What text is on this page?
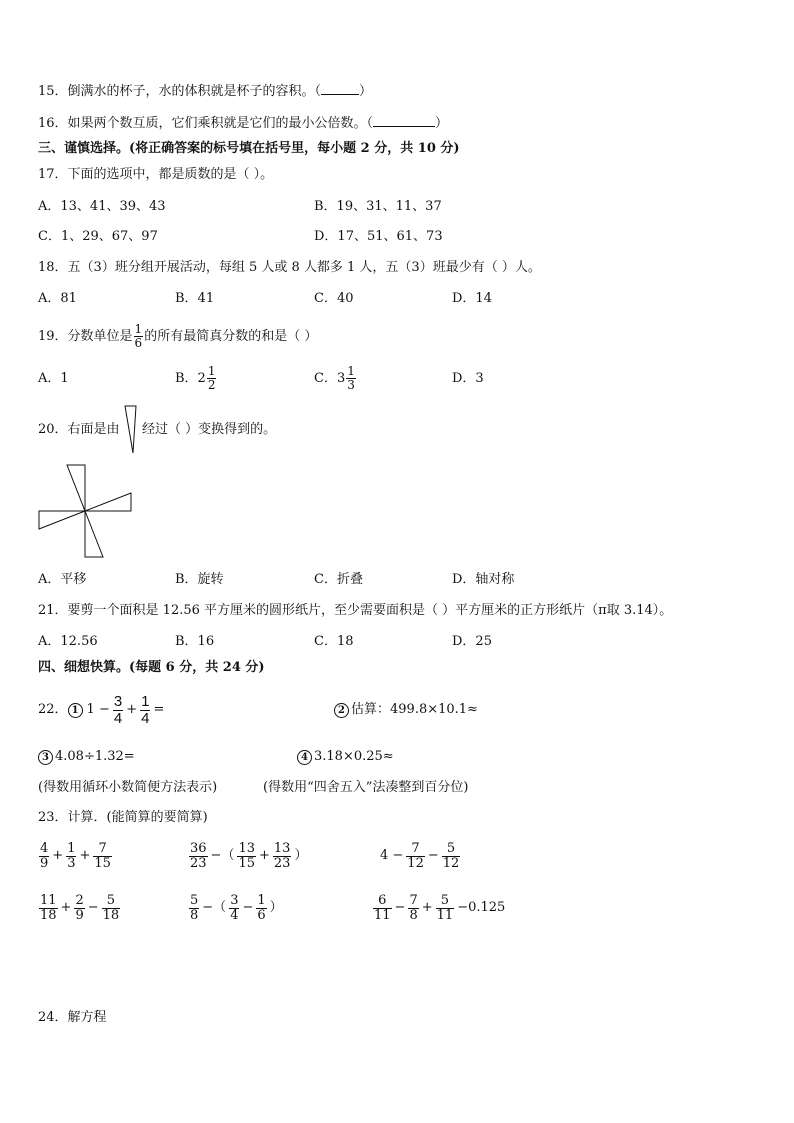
15．倒满水的杯子，水的体积就是杯子的容积。（	）
16．如果两个数互质，它们乘积就是它们的最小公倍数。（	）
三、谨慎选择。(将正确答案的标号填在括号里，每小题 2 分，共 10 分)
17．下面的选项中，都是质数的是（ ）。
A．13、41、39、43	B．19、31、11、37
C．1、29、67、97	D．17、51、61、73
18．五（3）班分组开展活动，每组 5 人或 8 人都多 1 人，五（3）班最少有（ ）人。
A．81	B．41	C．40	D．14
19．分数单位是 $\frac{1}{6}$ 的所有最简真分数的和是（ ）
A．1	B．$2 \frac{1}{2}$	C．$3 \frac{1}{3}$	D．3
20．右面是由 经过（ ）变换得到的。
A．平移	B．旋转	C．折叠	D．轴对称
21．要剪一个面积是 12.56 平方厘米的圆形纸片，至少需要面积是（ ）平方厘米的正方形纸片（π取 3.14）。
A．12.56	B．16	C．18	D．25
四、细想快算。(每题 6 分，共 24 分)
22． 1 $1 - \frac{3}{4} + \frac{1}{4}$ =	2 估算：499.8×10.1≈
3 4.08÷1.32=	4 3.18×0.25≈
(得数用循环小数简便方法表示)	(得数用“四舍五入”法凑整到百分位)
23．计算．(能简算的要简算)
$\frac{4}{9} + \frac{1}{3} + \frac{7}{15}$	$\frac{36}{23}$ −（ $\frac{13}{15} + \frac{13}{23}$ ）	$4 - \frac{7}{12} - \frac{5}{12}$
$\frac{11}{18} + \frac{2}{9} - \frac{5}{18}$	$\frac{5}{8}$ −（ $\frac{3}{4} - \frac{1}{6}$ ）	$\frac{6}{11} - \frac{7}{8} + \frac{5}{11} -0.125$
24．解方程
